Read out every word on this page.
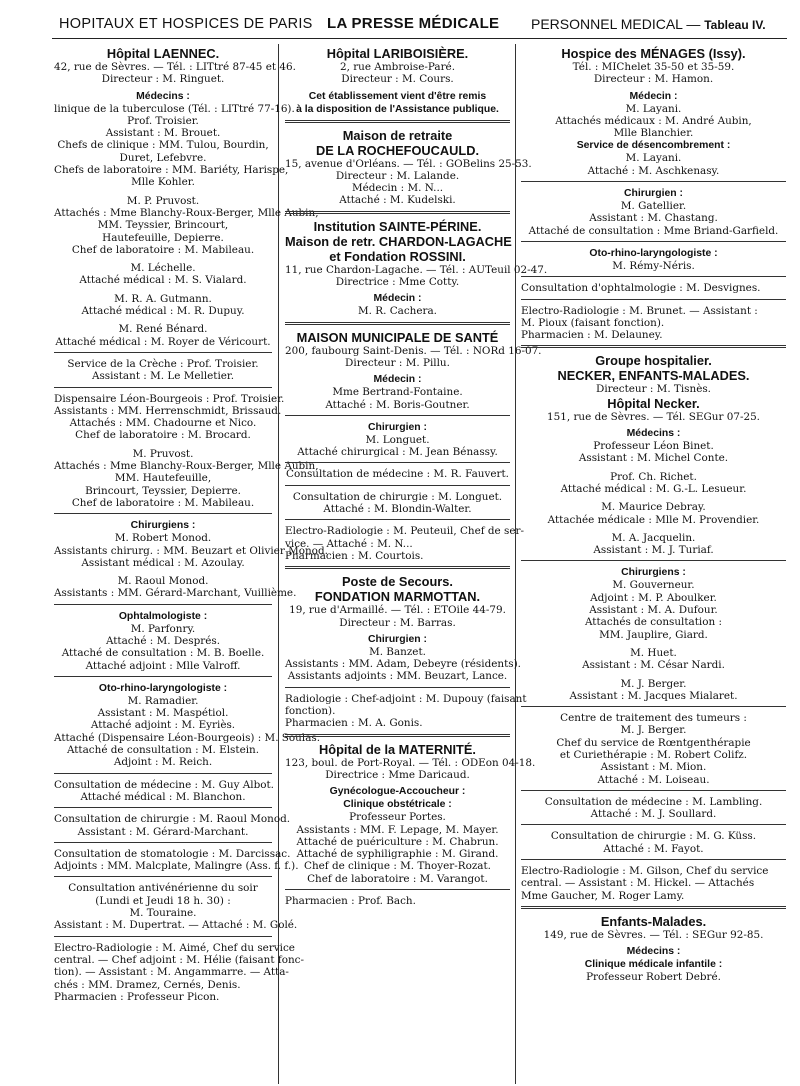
HOPITAUX ET HOSPICES DE PARIS LA PRESSE MÉDICALE PERSONNEL MEDICAL — Tableau IV.
Hôpital LAENNEC.
42, rue de Sèvres. — Tél. : LITtré 87-45 et 46.
Directeur : M. Ringuet.
Médecins :
linique de la tuberculose (Tél. : LITtré 77-16).
Prof. Troisier.
Assistant : M. Brouet.
Chefs de clinique : MM. Tulou, Bourdin,
Duret, Lefebvre.
Chefs de laboratoire : MM. Bariéty, Harispe,
Mlle Kohler.
M. P. Pruvost.
Attachés : Mme Blanchy-Roux-Berger, Mlle Aubin,
MM. Teyssier, Brincourt,
Hautefeuille, Depierre.
Chef de laboratoire : M. Mabileau.
M. Léchelle.
Attaché médical : M. S. Vialard.
M. R. A. Gutmann.
Attaché médical : M. R. Dupuy.
M. René Bénard.
Attaché médical : M. Royer de Véricourt.
Service de la Crèche : Prof. Troisier.
Assistant : M. Le Melletier.
Dispensaire Léon-Bourgeois : Prof. Troisier.
Assistants : MM. Herrenschmidt, Brissaud.
Attachés : MM. Chadourne et Nico.
Chef de laboratoire : M. Brocard.
M. Pruvost.
Attachés : Mme Blanchy-Roux-Berger, Mlle Aubin,
MM. Hautefeuille,
Brincourt, Teyssier, Depierre.
Chef de laboratoire : M. Mabileau.
Chirurgiens :
M. Robert Monod.
Assistants chirurg. : MM. Beuzart et Olivier Monod.
Assistant médical : M. Azoulay.
M. Raoul Monod.
Assistants : MM. Gérard-Marchant, Vuillième.
Ophtalmologiste :
M. Parfonry.
Attaché : M. Després.
Attaché de consultation : M. B. Boelle.
Attaché adjoint : Mlle Valroff.
Oto-rhino-laryngologiste :
M. Ramadier.
Assistant : M. Maspétiol.
Attaché adjoint : M. Eyriès.
Attaché (Dispensaire Léon-Bourgeois) : M. Soulas.
Attaché de consultation : M. Elstein.
Adjoint : M. Reich.
Consultation de médecine : M. Guy Albot.
Attaché médical : M. Blanchon.
Consultation de chirurgie : M. Raoul Monod.
Assistant : M. Gérard-Marchant.
Consultation de stomatologie : M. Darcissac.
Adjoints : MM. Malcplate, Malingre (Ass. f. f.).
Consultation antivénérienne du soir
(Lundi et Jeudi 18 h. 30) :
M. Touraine.
Assistant : M. Dupertrat. — Attaché : M. Golé.
Electro-Radiologie : M. Aimé, Chef du service
central. — Chef adjoint : M. Hélie (faisant fonc-
tion). — Assistant : M. Angammarre. — Atta-
chés : MM. Dramez, Cernés, Denis.
Pharmacien : Professeur Picon.
Hôpital LARIBOISIÈRE.
2, rue Ambroise-Paré.
Directeur : M. Cours.
Cet établissement vient d'être remis
à la disposition de l'Assistance publique.
Maison de retraite
DE LA ROCHEFOUCAULD.
15, avenue d'Orléans. — Tél. : GOBelins 25-53.
Directeur : M. Lalande.
Médecin : M. N...
Attaché : M. Kudelski.
Institution SAINTE-PÉRINE.
Maison de retr. CHARDON-LAGACHE
et Fondation ROSSINI.
11, rue Chardon-Lagache. — Tél. : AUTeuil 02-47.
Directrice : Mme Cotty.
Médecin :
M. R. Cachera.
MAISON MUNICIPALE DE SANTÉ
200, faubourg Saint-Denis. — Tél. : NORd 16-07.
Directeur : M. Pillu.
Médecin :
Mme Bertrand-Fontaine.
Attaché : M. Boris-Goutner.
Chirurgien :
M. Longuet.
Attaché chirurgical : M. Jean Bénassy.
Consultation de médecine : M. R. Fauvert.
Consultation de chirurgie : M. Longuet.
Attaché : M. Blondin-Walter.
Electro-Radiologie : M. Peuteuil, Chef de ser-
vice. — Attaché : M. N...
Pharmacien : M. Courtois.
Poste de Secours.
FONDATION MARMOTTAN.
19, rue d'Armaillé. — Tél. : ETOile 44-79.
Directeur : M. Barras.
Chirurgien :
M. Banzet.
Assistants : MM. Adam, Debeyre (résidents).
Assistants adjoints : MM. Beuzart, Lance.
Radiologie : Chef-adjoint : M. Dupouy (faisant
fonction).
Pharmacien : M. A. Gonis.
Hôpital de la MATERNITÉ.
123, boul. de Port-Royal. — Tél. : ODEon 04-18.
Directrice : Mme Daricaud.
Gynécologue-Accoucheur :
Clinique obstétricale :
Professeur Portes.
Assistants : MM. F. Lepage, M. Mayer.
Attaché de puériculture : M. Chabrun.
Attaché de syphiligraphie : M. Girand.
Chef de clinique : M. Thoyer-Rozat.
Chef de laboratoire : M. Varangot.
Pharmacien : Prof. Bach.
Hospice des MÉNAGES (Issy).
Tél. : MIChelet 35-50 et 35-59.
Directeur : M. Hamon.
Médecin :
M. Layani.
Attachés médicaux : M. André Aubin,
Mlle Blanchier.
Service de désencombrement :
M. Layani.
Attaché : M. Aschkenasy.
Chirurgien :
M. Gatellier.
Assistant : M. Chastang.
Attaché de consultation : Mme Briand-Garfield.
Oto-rhino-laryngologiste :
M. Rémy-Néris.
Consultation d'ophtalmologie : M. Desvignes.
Electro-Radiologie : M. Brunet. — Assistant :
M. Pioux (faisant fonction).
Pharmacien : M. Delauney.
Groupe hospitalier.
NECKER, ENFANTS-MALADES.
Directeur : M. Tisnès.
Hôpital Necker.
151, rue de Sèvres. — Tél. SEGur 07-25.
Médecins :
Professeur Léon Binet.
Assistant : M. Michel Conte.
Prof. Ch. Richet.
Attaché médical : M. G.-L. Lesueur.
M. Maurice Debray.
Attachée médicale : Mlle M. Provendier.
M. A. Jacquelin.
Assistant : M. J. Turiaf.
Chirurgiens :
M. Gouverneur.
Adjoint : M. P. Aboulker.
Assistant : M. A. Dufour.
Attachés de consultation :
MM. Jauplire, Giard.
M. Huet.
Assistant : M. César Nardi.
M. J. Berger.
Assistant : M. Jacques Mialaret.
Centre de traitement des tumeurs :
M. J. Berger.
Chef du service de Rœntgenthérapie
et Curiethérapie : M. Robert Colifz.
Assistant : M. Mion.
Attaché : M. Loiseau.
Consultation de médecine : M. Lambling.
Attaché : M. J. Soullard.
Consultation de chirurgie : M. G. Küss.
Attaché : M. Fayot.
Electro-Radiologie : M. Gilson, Chef du service
central. — Assistant : M. Hickel. — Attachés
Mme Gaucher, M. Roger Lamy.
Enfants-Malades.
149, rue de Sèvres. — Tél. : SEGur 92-85.
Médecins :
Clinique médicale infantile :
Professeur Robert Debré.
